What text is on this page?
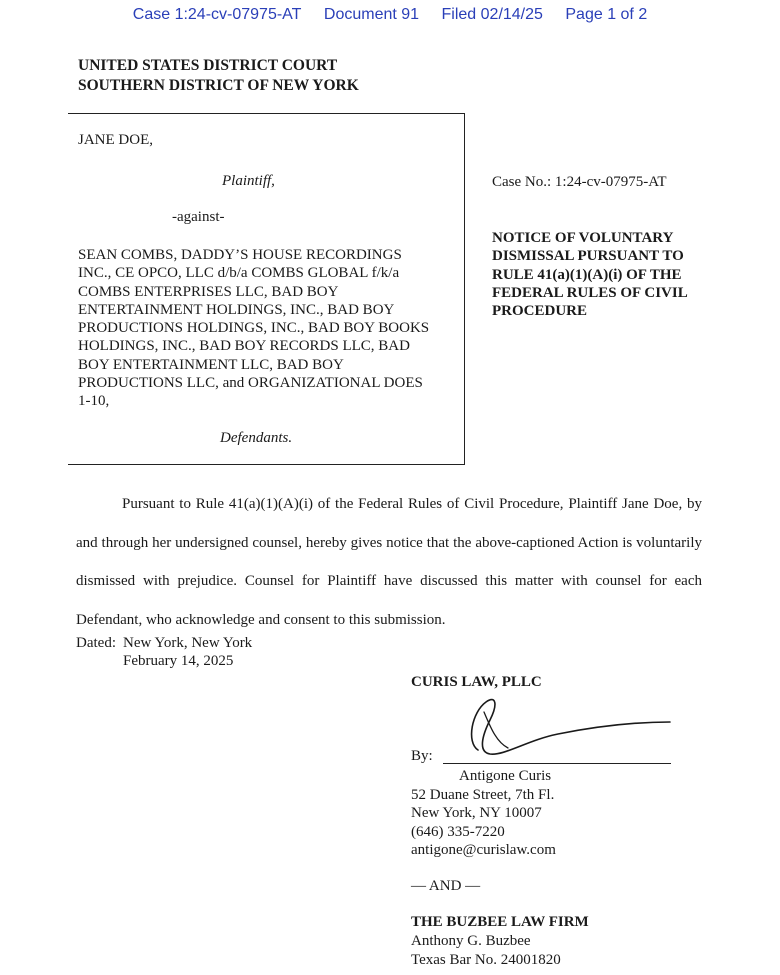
Case 1:24-cv-07975-AT Document 91 Filed 02/14/25 Page 1 of 2
UNITED STATES DISTRICT COURT
SOUTHERN DISTRICT OF NEW YORK
JANE DOE,
Plaintiff,
-against-
SEAN COMBS, DADDY’S HOUSE RECORDINGS
INC., CE OPCO, LLC d/b/a COMBS GLOBAL f/k/a
COMBS ENTERPRISES LLC, BAD BOY
ENTERTAINMENT HOLDINGS, INC., BAD BOY
PRODUCTIONS HOLDINGS, INC., BAD BOY BOOKS
HOLDINGS, INC., BAD BOY RECORDS LLC, BAD
BOY ENTERTAINMENT LLC, BAD BOY
PRODUCTIONS LLC, and ORGANIZATIONAL DOES
1-10,
Defendants.
Case No.: 1:24-cv-07975-AT
NOTICE OF VOLUNTARY
DISMISSAL PURSUANT TO
RULE 41(a)(1)(A)(i) OF THE
FEDERAL RULES OF CIVIL
PROCEDURE
Pursuant to Rule 41(a)(1)(A)(i) of the Federal Rules of Civil Procedure, Plaintiff Jane Doe, by and through her undersigned counsel, hereby gives notice that the above-captioned Action is voluntarily dismissed with prejudice. Counsel for Plaintiff have discussed this matter with counsel for each Defendant, who acknowledge and consent to this submission.
Dated: New York, New York
February 14, 2025
CURIS LAW, PLLC
By:
Antigone Curis
52 Duane Street, 7th Fl.
New York, NY 10007
(646) 335-7220
antigone@curislaw.com
— AND —
THE BUZBEE LAW FIRM
Anthony G. Buzbee
Texas Bar No. 24001820
